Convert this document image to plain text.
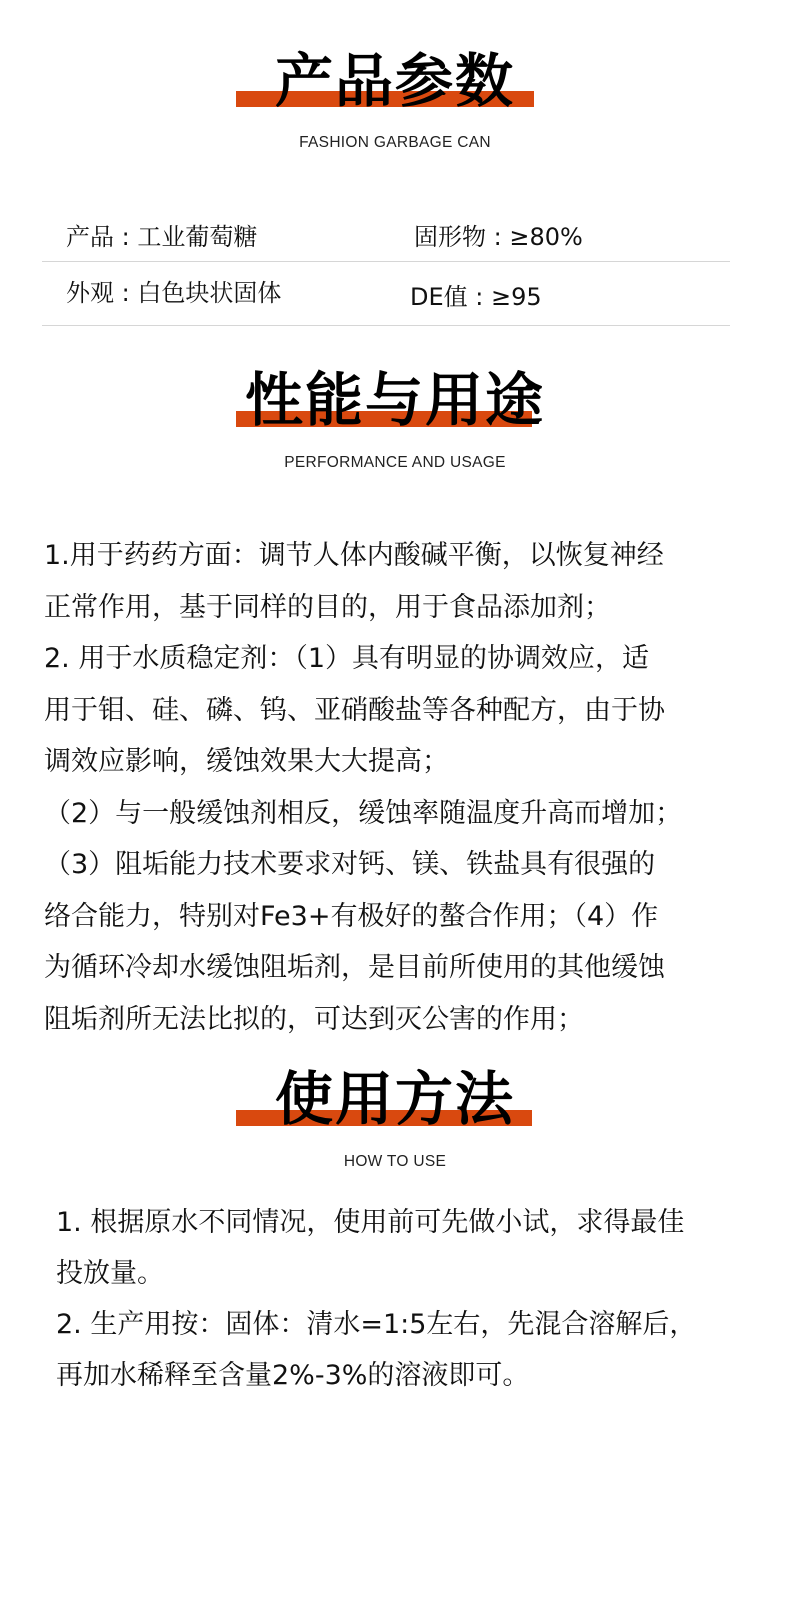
产品参数
FASHION GARBAGE CAN
产品 : 工业葡萄糖	固形物 : ≥80%
外观 : 白色块状固体	DE值 : ≥95
性能与用途
PERFORMANCE AND USAGE

1.用于药药方面：调节人体内酸碱平衡，以恢复神经

正常作用，基于同样的目的，用于食品添加剂；

2. 用于水质稳定剂：（1）具有明显的协调效应，适

用于钼、硅、磷、钨、亚硝酸盐等各种配方，由于协

调效应影响，缓蚀效果大大提高；

（2）与一般缓蚀剂相反，缓蚀率随温度升高而增加；

（3）阻垢能力技术要求对钙、镁、铁盐具有很强的

络合能力，特别对Fe3+有极好的螯合作用；（4）作

为循环冷却水缓蚀阻垢剂，是目前所使用的其他缓蚀

阻垢剂所无法比拟的，可达到灭公害的作用；

使用方法
HOW TO USE

1. 根据原水不同情况，使用前可先做小试，求得最佳

投放量。

2. 生产用按：固体：清水=1:5左右，先混合溶解后，

再加水稀释至含量2%-3%的溶液即可。
